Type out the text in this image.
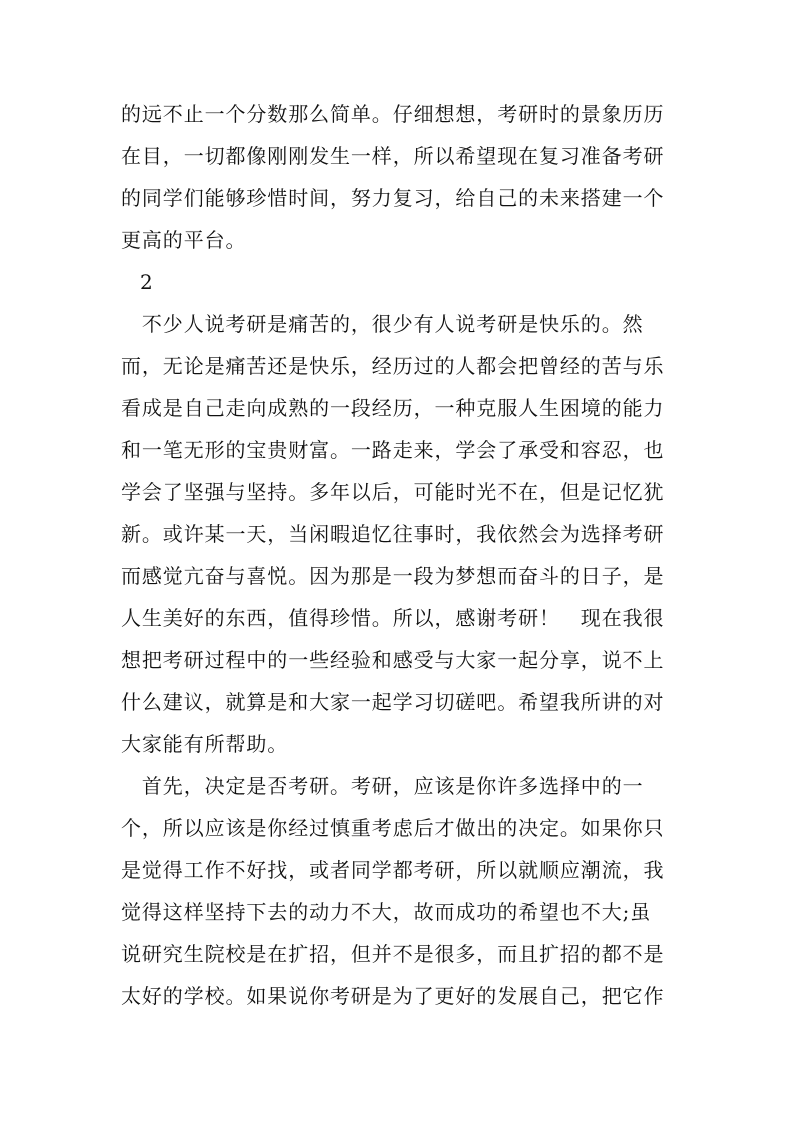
的远不止一个分数那么简单。仔细想想，考研时的景象历历
在目，一切都像刚刚发生一样，所以希望现在复习准备考研
的同学们能够珍惜时间，努力复习，给自己的未来搭建一个
更高的平台。
2
　不少人说考研是痛苦的，很少有人说考研是快乐的。然
而，无论是痛苦还是快乐，经历过的人都会把曾经的苦与乐
看成是自己走向成熟的一段经历，一种克服人生困境的能力
和一笔无形的宝贵财富。一路走来，学会了承受和容忍，也
学会了坚强与坚持。多年以后，可能时光不在，但是记忆犹
新。或许某一天，当闲暇追忆往事时，我依然会为选择考研
而感觉亢奋与喜悦。因为那是一段为梦想而奋斗的日子，是
人生美好的东西，值得珍惜。所以，感谢考研！　现在我很
想把考研过程中的一些经验和感受与大家一起分享，说不上
什么建议，就算是和大家一起学习切磋吧。希望我所讲的对
大家能有所帮助。
　首先，决定是否考研。考研，应该是你许多选择中的一
个，所以应该是你经过慎重考虑后才做出的决定。如果你只
是觉得工作不好找，或者同学都考研，所以就顺应潮流，我
觉得这样坚持下去的动力不大，故而成功的希望也不大;虽
说研究生院校是在扩招，但并不是很多，而且扩招的都不是
太好的学校。如果说你考研是为了更好的发展自己，把它作
